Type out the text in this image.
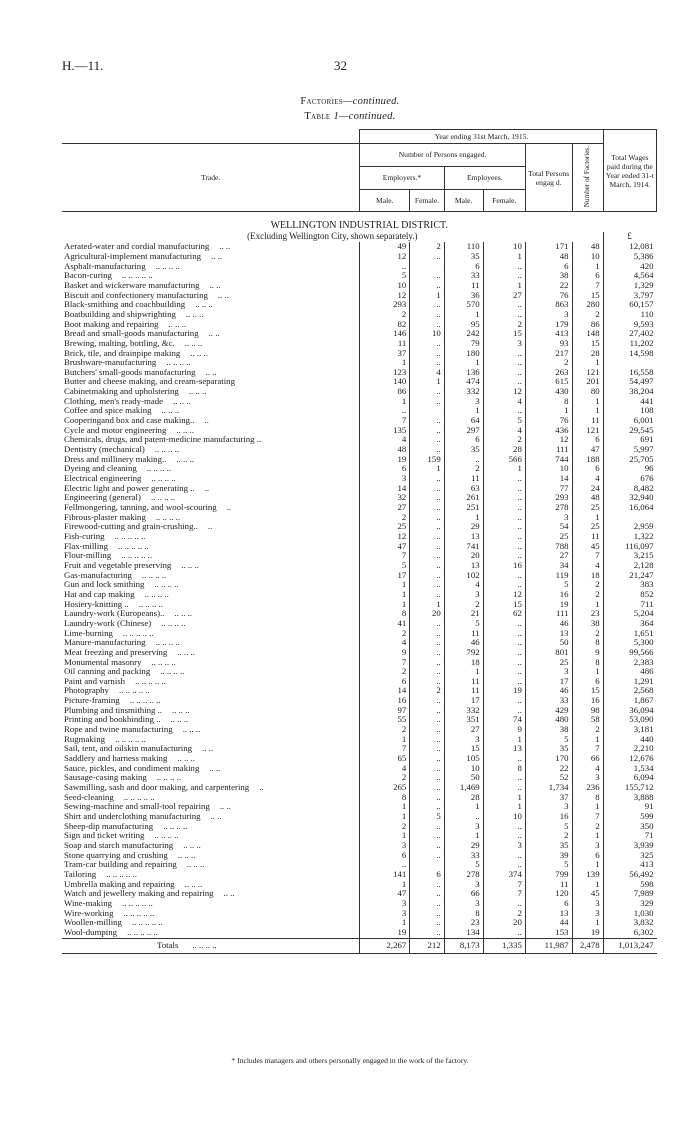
H.—11.	32
Factories—continued.
Table 1—continued.
	Year ending 31st March, 1915.						Total Wages paid during the Year ended 31-t March, 1914.
Trade.	Number of Persons engaged.				Total Persons engag d.	Number of Factories.	
	Employers.*		Employees.				
	Male.	Female.	Male.	Female.			
WELLINGTON INDUSTRIAL DISTRICT.							
(Excluding Wellington City, shown separately.)							£
Aerated-water and cordial manufacturing .. ..	49	2	110	10	171	48	12,081
Agricultural-implement manufacturing .. ..	12	..	35	1	48	10	5,386
Asphalt-manufacturing .. .. .. ..	..		6	..	6	1	420
Bacon-curing .. .. .. .. ..	5	..	33	..	38	6	4,564
Basket and wickerware manufacturing .. ..	10	..	11	1	22	7	1,329
Biscuit and confectionery manufacturing .. ..	12	1	36	27	76	15	3,797
Black-smithing and coachbuilding .. .. ..	293	..	570	..	863	280	60,157
Boatbuilding and shipwrighting .. .. ..	2	..	1	..	3	2	110
Boot making and repairing .. .. ..	82	..	95	2	179	86	9,593
Bread and small-goods manufacturing .. ..	146	10	242	15	413	148	27,402
Brewing, malting, bottling, &c. .. .. ..	11	..	79	3	93	15	11,202
Brick, tile, and drainpipe making .. .. ..	37	..	180	..	217	28	14,598
Brushware-manufacturing .. .. .. ..	1	..	1	..	2	1	
Butchers' small-goods manufacturing .. ..	123	4	136	..	263	121	16,558
Butter and cheese making, and cream-separating	140	1	474	..	615	201	54,497
Cabinetmaking and upholstering .. .. ..	86	..	332	12	430	80	38,204
Clothing, men's ready-made .. .. ..	1	..	3	4	8	1	441
Coffee and spice making .. .. ..	..		1	..	1	1	108
Cooperingand box and case making.. ..	7	..	64	5	76	11	6,001
Cycle and motor engineering .. .. ..	135	..	297	4	436	121	29,545
Chemicals, drugs, and patent-medicine manufacturing ..	4	..	6	2	12	6	691
Dentistry (mechanical) .. .. .. ..	48	..	35	28	111	47	5,997
Dress and millinery making.. .. .. ..	19	159	..	566	744	188	25,705
Dyeing and cleaning .. .. .. ..	6	1	2	1	10	6	96
Electrical engineering .. .. .. ..	3	..	11	..	14	4	676
Electric light and power generating .. ..	14	..	63	..	77	24	8,482
Engineering (general) .. .. .. ..	32	..	261	..	293	48	32,940
Fellmongering, tanning, and wool-scouring ..	27	..	251	..	278	25	16,064
Fibrous-plaster making .. .. .. ..	2	..	1	..	3	1	
Firewood-cutting and grain-crushing.. ..	25	..	29	..	54	25	2,959
Fish-curing .. .. .. .. ..	12	..	13	..	25	11	1,322
Flax-milling .. .. .. .. ..	47	..	741	..	788	45	116,097
Flour-milling .. .. .. .. ..	7	..	20	..	27	7	3,215
Fruit and vegetable preserving .. .. ..	5	..	13	16	34	4	2,128
Gas-manufacturing .. .. .. ..	17	..	102	..	119	18	21,247
Gun and lock smithing .. .. .. ..	1	..	4	..	5	2	383
Hat and cap making .. .. .. ..	1	..	3	12	16	2	852
Hosiery-knitting .. .. .. .. ..	1	1	2	15	19	1	711
Laundry-work (Europeans).. .. .. ..	8	20	21	62	111	23	5,204
Laundry-work (Chinese) .. .. .. ..	41	..	5	..	46	38	364
Lime-burning .. .. .. .. ..	2	..	11	..	13	2	1,651
Manure-manufacturing .. .. .. ..	4	..	46	..	50	8	5,300
Meat freezing and preserving .. .. ..	9	..	792	..	801	9	99,566
Monumental masonry .. .. .. ..	7	..	18	..	25	8	2,383
Oil canning and packing .. .. .. ..	2	..	1	..	3	1	486
Paint and varnish .. .. .. .. ..	6	..	11	..	17	6	1,291
Photography .. .. .. .. ..	14	2	11	19	46	15	2,568
Picture-framing .. .. .. .. ..	16	..	17	..	33	16	1,867
Plumbing and tinsmithing .. .. .. ..	97	..	332	..	429	98	36,094
Printing and bookbinding .. .. .. ..	55	..	351	74	480	58	53,090
Rope and twine manufacturing .. .. ..	2	..	27	9	38	2	3,181
Rugmaking .. .. .. .. ..	1	..	3	1	5	1	440
Sail, tent, and oilskin manufacturing .. ..	7	..	15	13	35	7	2,210
Saddlery and harness making .. .. ..	65	..	105	..	170	66	12,676
Sauce, pickles, and condiment making .. ..	4	..	10	8	22	4	1,534
Sausage-casing making .. .. .. ..	2	..	50	..	52	3	6,094
Sawmilling, sash and door making, and carpentering ..	265	..	1,469	..	1,734	236	155,712
Seed-cleaning .. .. .. .. ..	8	..	28	1	37	8	3,888
Sewing-machine and small-tool repairing .. ..	1	..	1	1	3	1	91
Shirt and underclothing manufacturing .. ..	1	5	..	10	16	7	599
Sheep-dip manufacturing .. .. .. ..	2	..	3	..	5	2	350
Sign and ticket writing .. .. .. ..	1	..	1	..	2	1	71
Soap and starch manufacturing .. .. ..	3	..	29	3	35	3	3,939
Stone quarrying and crushing .. .. ..	6	..	33	..	39	6	325
Tram-car building and repairing .. .. ..	..		5	..	5	1	413
Tailoring .. .. .. .. ..	141	6	278	374	799	139	56,492
Umbrella making and repairing .. .. ..	1	..	3	7	11	1	598
Watch and jewellery making and repairing .. ..	47	..	66	7	120	45	7,989
Wine-making .. .. .. .. ..	3	..	3	..	6	3	329
Wire-working .. .. .. .. ..	3	..	8	2	13	3	1,030
Woollen-milling .. .. .. .. ..	1	..	23	20	44	1	3,832
Wool-dumping .. .. .. .. ..	19	..	134	..	153	19	6,302
Totals .. .. .. ..	2,267	212	8,173	1,335	11,987	2,478	1,013,247
* Includes managers and others personally engaged in the work of the factory.
